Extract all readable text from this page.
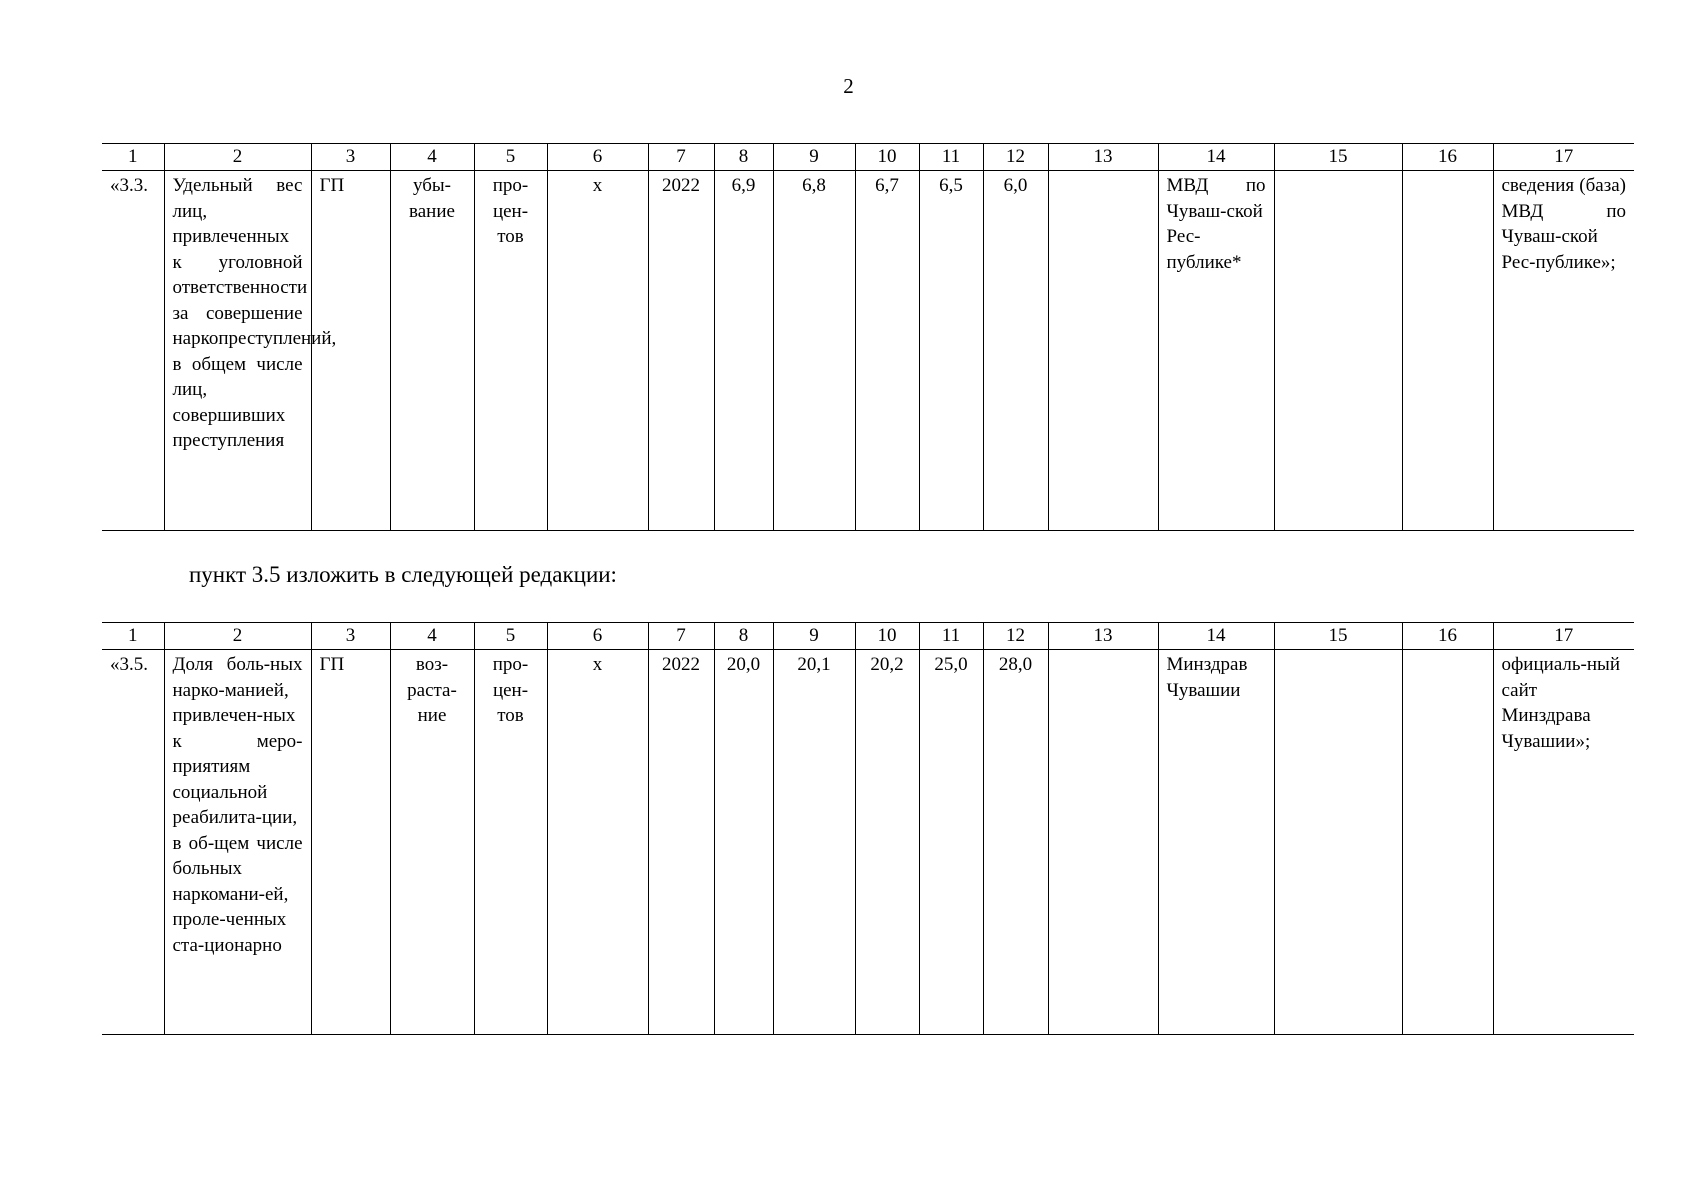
2
1	2	3	4	5	6	7	8	9	10	11	12	13	14	15	16	17
«3.3.	Удельный вес лиц, привлеченных к уголовной ответственности за совершение наркопреступлений, в общем числе лиц, совершивших преступления	ГП	убы-вание	про-цен-тов	х	2022	6,9	6,8	6,7	6,5	6,0		МВД по Чуваш-ской Рес-публике*			сведения (база) МВД по Чуваш-ской Рес-публике»;
пункт 3.5 изложить в следующей редакции:
1	2	3	4	5	6	7	8	9	10	11	12	13	14	15	16	17
«3.5.	Доля боль-ных нарко-манией, привлечен-ных к меро-приятиям социальной реабилита-ции, в об-щем числе больных наркомани-ей, проле-ченных ста-ционарно	ГП	воз-раста-ние	про-цен-тов	х	2022	20,0	20,1	20,2	25,0	28,0		Минздрав Чувашии			официаль-ный сайт Минздрава Чувашии»;
